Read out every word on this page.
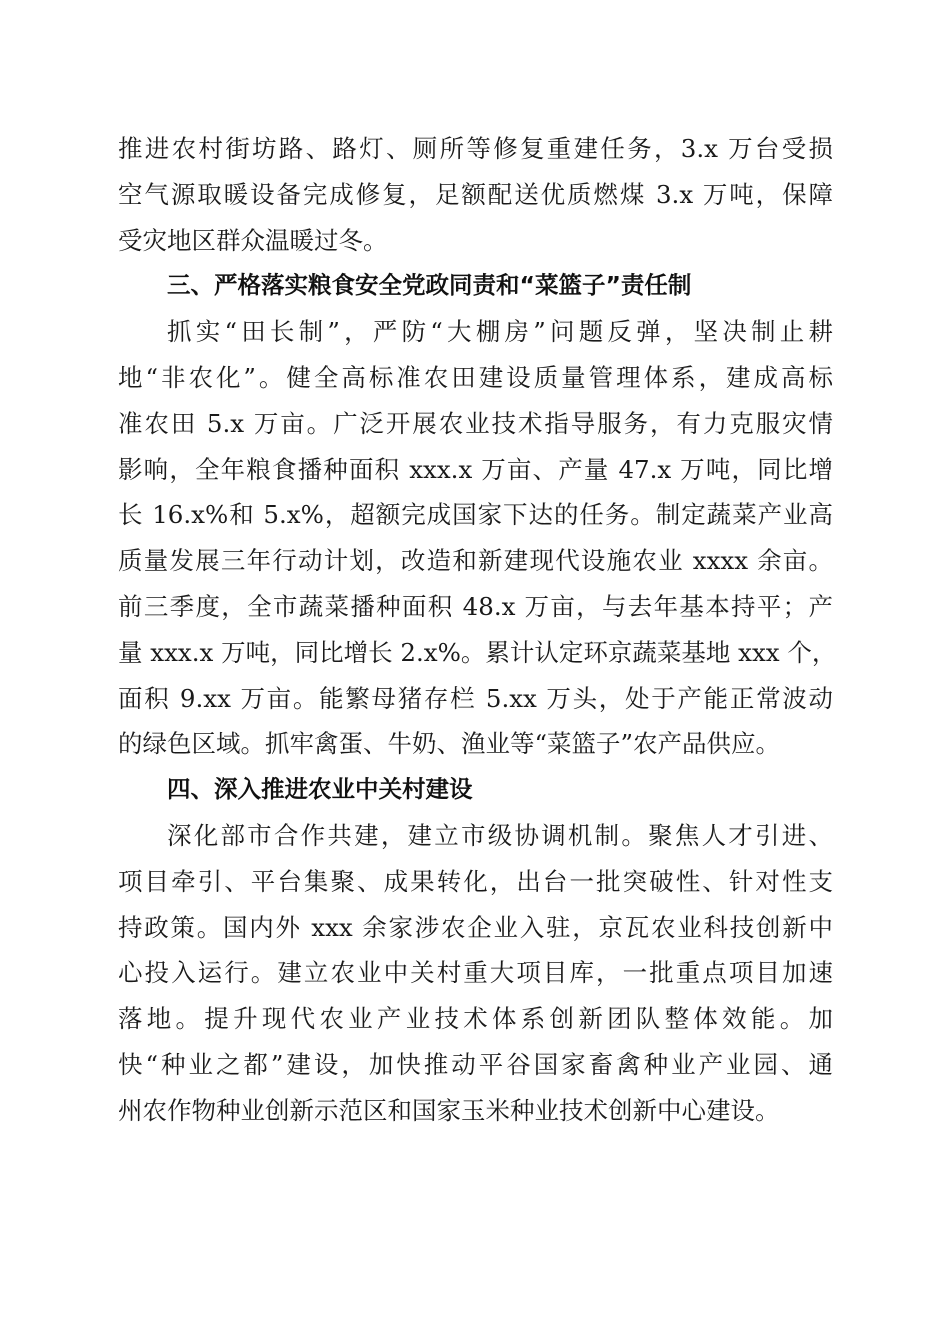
推进农村街坊路、路灯、厕所等修复重建任务，3.x 万台受损
空气源取暖设备完成修复，足额配送优质燃煤 3.x 万吨，保障
受灾地区群众温暖过冬。
三、严格落实粮食安全党政同责和“菜篮子”责任制
抓实“田长制”，严防“大棚房”问题反弹，坚决制止耕
地“非农化”。健全高标准农田建设质量管理体系，建成高标
准农田 5.x 万亩。广泛开展农业技术指导服务，有力克服灾情
影响，全年粮食播种面积 xxx.x 万亩、产量 47.x 万吨，同比增
长 16.x%和 5.x%，超额完成国家下达的任务。制定蔬菜产业高
质量发展三年行动计划，改造和新建现代设施农业 xxxx 余亩。
前三季度，全市蔬菜播种面积 48.x 万亩，与去年基本持平；产
量 xxx.x 万吨，同比增长 2.x%。累计认定环京蔬菜基地 xxx 个，
面积 9.xx 万亩。能繁母猪存栏 5.xx 万头，处于产能正常波动
的绿色区域。抓牢禽蛋、牛奶、渔业等“菜篮子”农产品供应。
四、深入推进农业中关村建设
深化部市合作共建，建立市级协调机制。聚焦人才引进、
项目牵引、平台集聚、成果转化，出台一批突破性、针对性支
持政策。国内外 xxx 余家涉农企业入驻，京瓦农业科技创新中
心投入运行。建立农业中关村重大项目库，一批重点项目加速
落地。提升现代农业产业技术体系创新团队整体效能。加
快“种业之都”建设，加快推动平谷国家畜禽种业产业园、通
州农作物种业创新示范区和国家玉米种业技术创新中心建设。
